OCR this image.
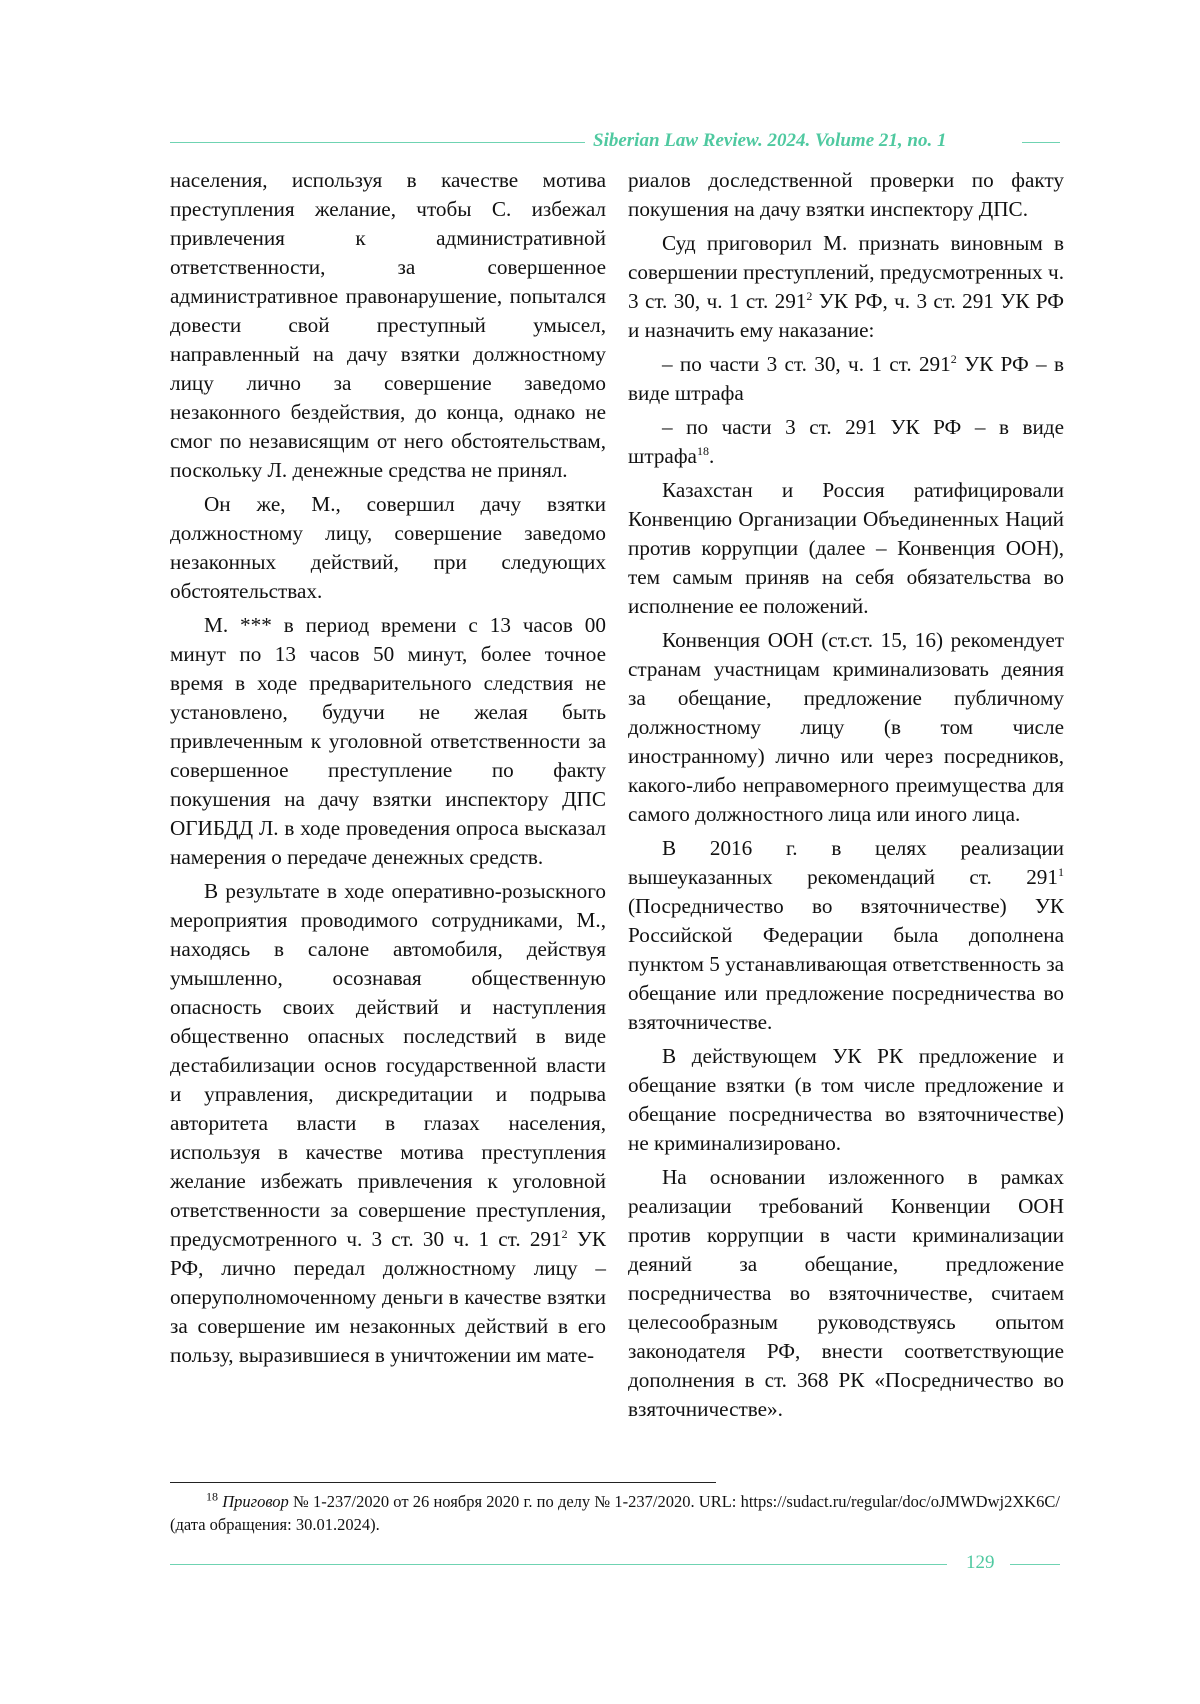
Siberian Law Review. 2024. Volume 21, no. 1

населения, используя в качестве мотива преступления желание, чтобы С. избежал привлечения к административной ответственности, за совершенное административное правонарушение, попытался довести свой преступный умысел, направленный на дачу взятки должностному лицу лично за совершение заведомо незаконного бездействия, до конца, однако не смог по независящим от него обстоятельствам, поскольку Л. денежные средства не принял.

Он же, М., совершил дачу взятки должностному лицу, совершение заведомо незаконных действий, при следующих обстоятельствах.

М. *** в период времени с 13 часов 00 минут по 13 часов 50 минут, более точное время в ходе предварительного следствия не установлено, будучи не желая быть привлеченным к уголовной ответственности за совершенное преступление по факту покушения на дачу взятки инспектору ДПС ОГИБДД Л. в ходе проведения опроса высказал намерения о передаче денежных средств.

В результате в ходе оперативно-розыскного мероприятия проводимого сотрудниками, М., находясь в салоне автомобиля, действуя умышленно, осознавая общественную опасность своих действий и наступления общественно опасных последствий в виде дестабилизации основ государственной власти и управления, дискредитации и подрыва авторитета власти в глазах населения, используя в качестве мотива преступления желание избежать привлечения к уголовной ответственности за совершение преступления, предусмотренного ч. 3 ст. 30 ч. 1 ст. $291^2$ УК РФ, лично передал должностному лицу – оперуполномоченному деньги в качестве взятки за совершение им незаконных действий в его пользу, выразившиеся в уничтожении им мате-

риалов доследственной проверки по факту покушения на дачу взятки инспектору ДПС.

Суд приговорил М. признать виновным в совершении преступлений, предусмотренных ч. 3 ст. 30, ч. 1 ст. $291^2$ УК РФ, ч. 3 ст. 291 УК РФ и назначить ему наказание:

– по части 3 ст. 30, ч. 1 ст. $291^2$ УК РФ – в виде штрафа

– по части 3 ст. 291 УК РФ – в виде штрафа$^{18}$.

Казахстан и Россия ратифицировали Конвенцию Организации Объединенных Наций против коррупции (далее – Конвенция ООН), тем самым приняв на себя обязательства во исполнение ее положений.

Конвенция ООН (ст.ст. 15, 16) рекомендует странам участницам криминализовать деяния за обещание, предложение публичному должностному лицу (в том числе иностранному) лично или через посредников, какого-либо неправомерного преимущества для самого должностного лица или иного лица.

В 2016 г. в целях реализации вышеуказанных рекомендаций ст. $291^1$ (Посредничество во взяточничестве) УК Российской Федерации была дополнена пунктом 5 устанавливающая ответственность за обещание или предложение посредничества во взяточничестве.

В действующем УК РК предложение и обещание взятки (в том числе предложение и обещание посредничества во взяточничестве) не криминализировано.

На основании изложенного в рамках реализации требований Конвенции ООН против коррупции в части криминализации деяний за обещание, предложение посредничества во взяточничестве, считаем целесообразным руководствуясь опытом законодателя РФ, внести соответствующие дополнения в ст. 368 РК «Посредничество во взяточничестве».

$^{18}$ Приговор № 1-237/2020 от 26 ноября 2020 г. по делу № 1-237/2020. URL: https://sudact.ru/regular/doc/oJMWDwj2XK6C/ (дата обращения: 30.01.2024).
129
